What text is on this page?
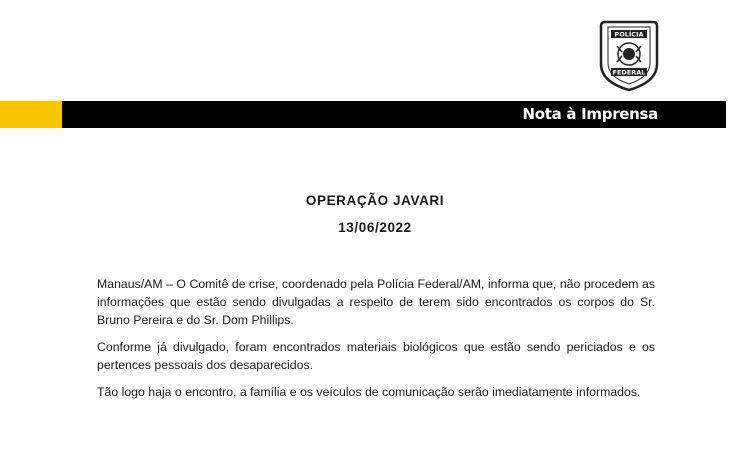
POLÍCIA
FEDERAL
Nota à Imprensa
OPERAÇÃO JAVARI
13/06/2022

Manaus/AM – O Comitê de crise, coordenado pela Polícia Federal/AM, informa que, não procedem as informações que estão sendo divulgadas a respeito de terem sido encontrados os corpos do Sr. Bruno Pereira e do Sr. Dom Phillips.

Conforme já divulgado, foram encontrados materiais biológicos que estão sendo periciados e os pertences pessoais dos desaparecidos.

Tão logo haja o encontro, a família e os veículos de comunicação serão imediatamente informados.
